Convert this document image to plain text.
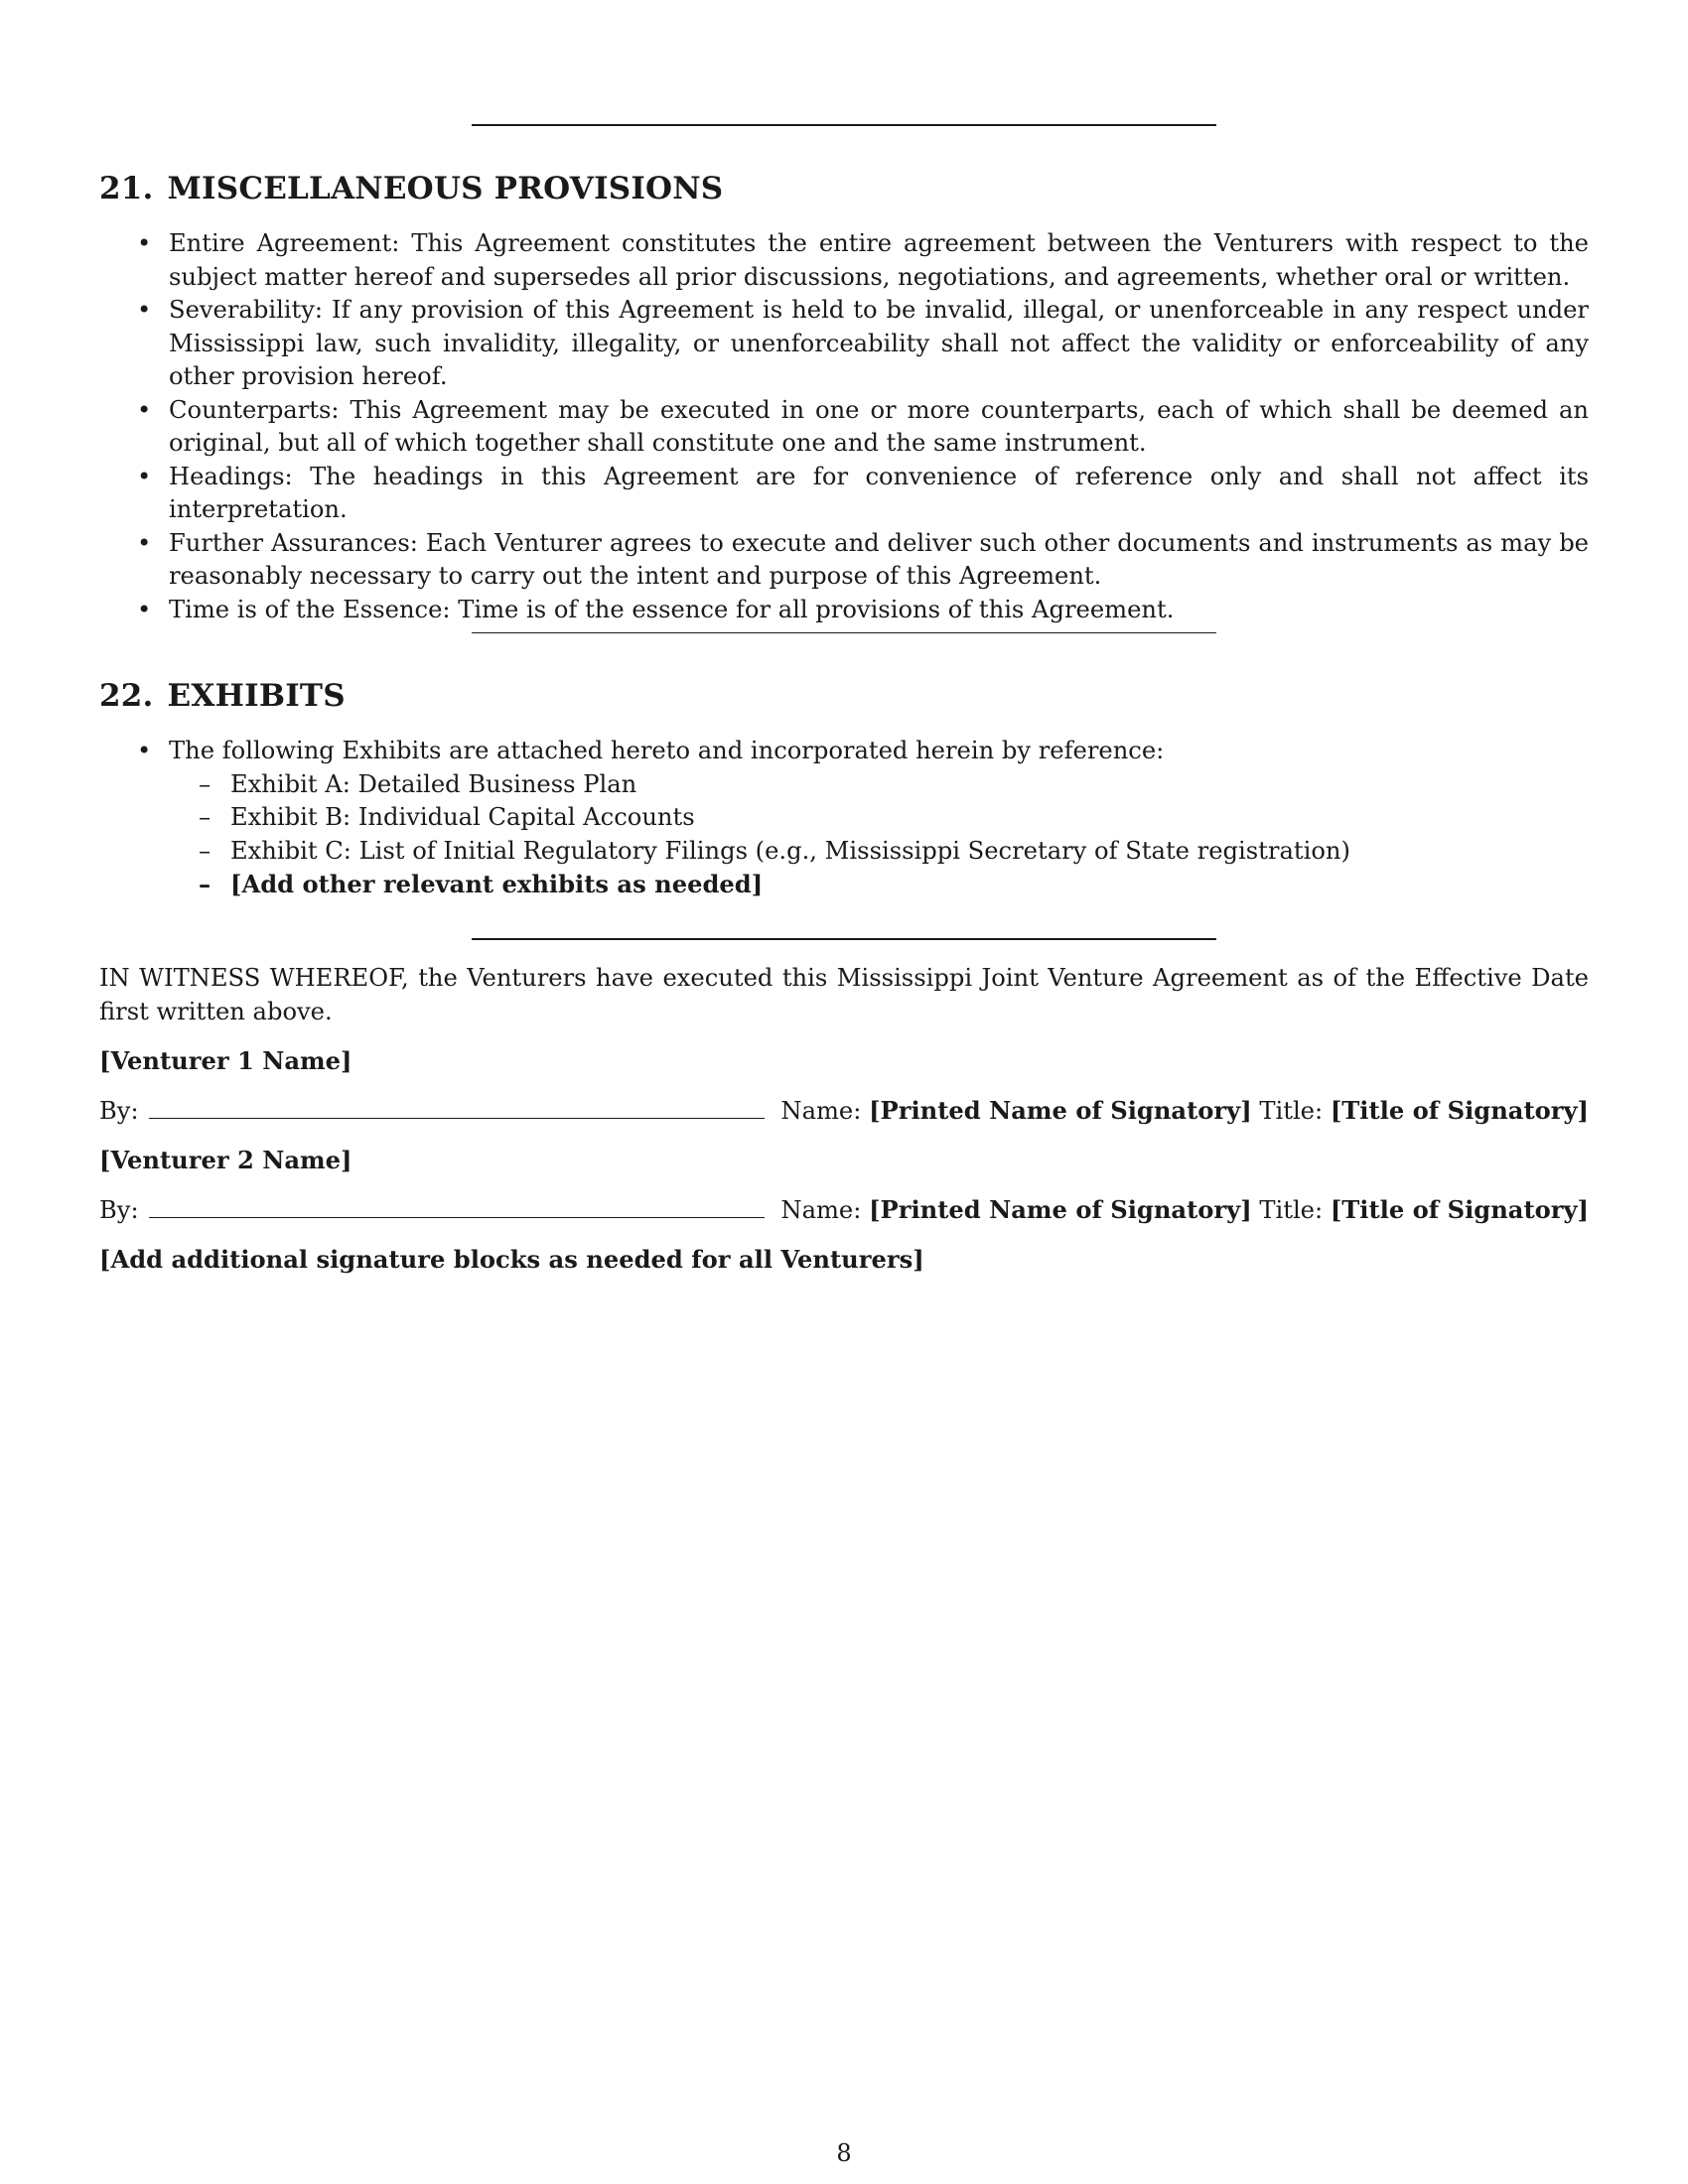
21. MISCELLANEOUS PROVISIONS
• Entire Agreement: This Agreement constitutes the entire agreement between the Venturers with respect to the subject matter hereof and supersedes all prior discussions, negotiations, and agreements, whether oral or written.
• Severability: If any provision of this Agreement is held to be invalid, illegal, or unenforceable in any respect under Mississippi law, such invalidity, illegality, or unenforceability shall not affect the validity or enforceability of any other provision hereof.
• Counterparts: This Agreement may be executed in one or more counterparts, each of which shall be deemed an original, but all of which together shall constitute one and the same instrument.
• Headings: The headings in this Agreement are for convenience of reference only and shall not affect its interpretation.
• Further Assurances: Each Venturer agrees to execute and deliver such other documents and instruments as may be reasonably necessary to carry out the intent and purpose of this Agreement.
• Time is of the Essence: Time is of the essence for all provisions of this Agreement.
22. EXHIBITS
• The following Exhibits are attached hereto and incorporated herein by reference:
– Exhibit A: Detailed Business Plan
– Exhibit B: Individual Capital Accounts
– Exhibit C: List of Initial Regulatory Filings (e.g., Mississippi Secretary of State registration)
– [Add other relevant exhibits as needed]

IN WITNESS WHEREOF, the Venturers have executed this Mississippi Joint Venture Agreement as of the Effective Date first written above.

[Venturer 1 Name]

By:	Name: [Printed Name of Signatory] Title: [Title of Signatory]

[Venturer 2 Name]

By:	Name: [Printed Name of Signatory] Title: [Title of Signatory]

[Add additional signature blocks as needed for all Venturers]

8
